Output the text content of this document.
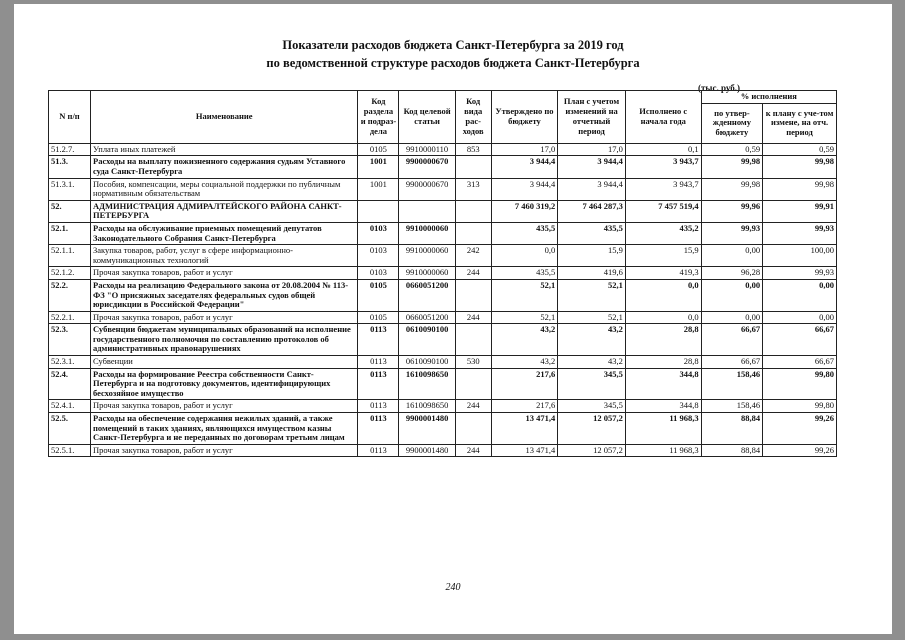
Показатели расходов бюджета Санкт-Петербурга за 2019 год
по ведомственной структуре расходов бюджета Санкт-Петербурга
(тыс. руб.)
N п/п	Наименование	Код раздела и подраз-дела	Код целевой статьи	Код вида рас-ходов	Утверждено по бюджету	План с учетом изменений на отчетный период	Исполнено с начала года	% исполнения	
								по утвер-жденному бюджету	к плану с уче-том измене, на отч. период
51.2.7.	Уплата иных платежей	0105	9910000110	853	17,0	17,0	0,1	0,59	0,59
51.3.	Расходы на выплату пожизненного содержания судьям Уставного суда Санкт-Петербурга	1001	9900000670		3 944,4	3 944,4	3 943,7	99,98	99,98
51.3.1.	Пособия, компенсации, меры социальной поддержки по публичным нормативным обязательствам	1001	9900000670	313	3 944,4	3 944,4	3 943,7	99,98	99,98
52.	АДМИНИСТРАЦИЯ АДМИРАЛТЕЙСКОГО РАЙОНА САНКТ-ПЕТЕРБУРГА				7 460 319,2	7 464 287,3	7 457 519,4	99,96	99,91
52.1.	Расходы на обслуживание приемных помещений депутатов Законодательного Собрания Санкт-Петербурга	0103	9910000060		435,5	435,5	435,2	99,93	99,93
52.1.1.	Закупка товаров, работ, услуг в сфере информационно-коммуникационных технологий	0103	9910000060	242	0,0	15,9	15,9	0,00	100,00
52.1.2.	Прочая закупка товаров, работ и услуг	0103	9910000060	244	435,5	419,6	419,3	96,28	99,93
52.2.	Расходы на реализацию Федерального закона от 20.08.2004 № 113-ФЗ "О присяжных заседателях федеральных судов общей юрисдикции в Российской Федерации"	0105	0660051200		52,1	52,1	0,0	0,00	0,00
52.2.1.	Прочая закупка товаров, работ и услуг	0105	0660051200	244	52,1	52,1	0,0	0,00	0,00
52.3.	Субвенции бюджетам муниципальных образований на исполнение государственного полномочия по составлению протоколов об административных правонарушениях	0113	0610090100		43,2	43,2	28,8	66,67	66,67
52.3.1.	Субвенции	0113	0610090100	530	43,2	43,2	28,8	66,67	66,67
52.4.	Расходы на формирование Реестра собственности Санкт-Петербурга и на подготовку документов, идентифицирующих бесхозяйное имущество	0113	1610098650		217,6	345,5	344,8	158,46	99,80
52.4.1.	Прочая закупка товаров, работ и услуг	0113	1610098650	244	217,6	345,5	344,8	158,46	99,80
52.5.	Расходы на обеспечение содержания нежилых зданий, а также помещений в таких зданиях, являющихся имуществом казны Санкт-Петербурга и не переданных по договорам третьим лицам	0113	9900001480		13 471,4	12 057,2	11 968,3	88,84	99,26
52.5.1.	Прочая закупка товаров, работ и услуг	0113	9900001480	244	13 471,4	12 057,2	11 968,3	88,84	99,26
240
